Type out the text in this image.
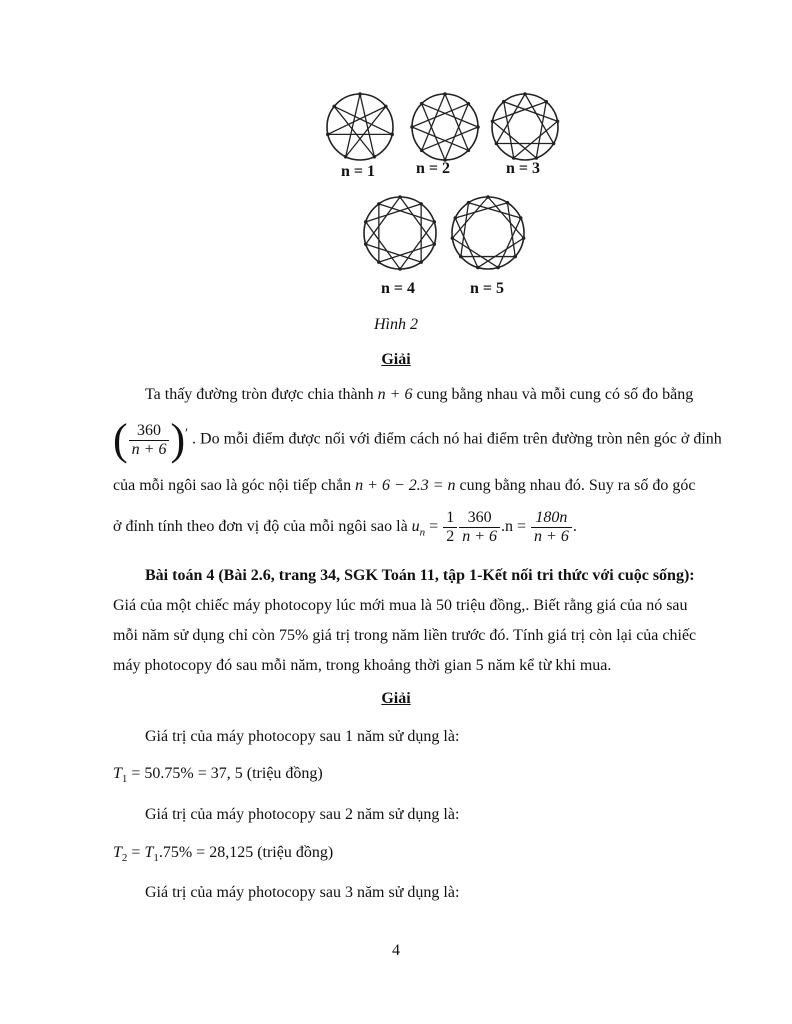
n = 1	n = 2	n = 3
n = 4	n = 5
Hình 2
Giải
Ta thấy đường tròn được chia thành n + 6 cung bằng nhau và mỗi cung có số đo bằng
( $\frac{360}{n + 6} )'$ . Do mỗi điểm được nối với điểm cách nó hai điểm trên đường tròn nên góc ở đỉnh
của mỗi ngôi sao là góc nội tiếp chắn n + 6 − 2.3 = n cung bằng nhau đó. Suy ra số đo góc
ở đỉnh tính theo đơn vị độ của mỗi ngôi sao là $u_n = \frac{1}{2} \frac{360}{n + 6} .n = \frac{180n}{n + 6}$ .
Bài toán 4 (Bài 2.6, trang 34, SGK Toán 11, tập 1-Kết nối tri thức với cuộc sống):
Giá của một chiếc máy photocopy lúc mới mua là 50 triệu đồng,. Biết rằng giá của nó sau
mỗi năm sử dụng chỉ còn 75% giá trị trong năm liền trước đó. Tính giá trị còn lại của chiếc
máy photocopy đó sau mỗi năm, trong khoảng thời gian 5 năm kể từ khi mua.
Giải
Giá trị của máy photocopy sau 1 năm sử dụng là:
$T_1 = 50.75\% = 37$, 5 (triệu đồng)
Giá trị của máy photocopy sau 2 năm sử dụng là:
$T_2 = T_1.75\% = 28,125$ (triệu đồng)
Giá trị của máy photocopy sau 3 năm sử dụng là:
4
